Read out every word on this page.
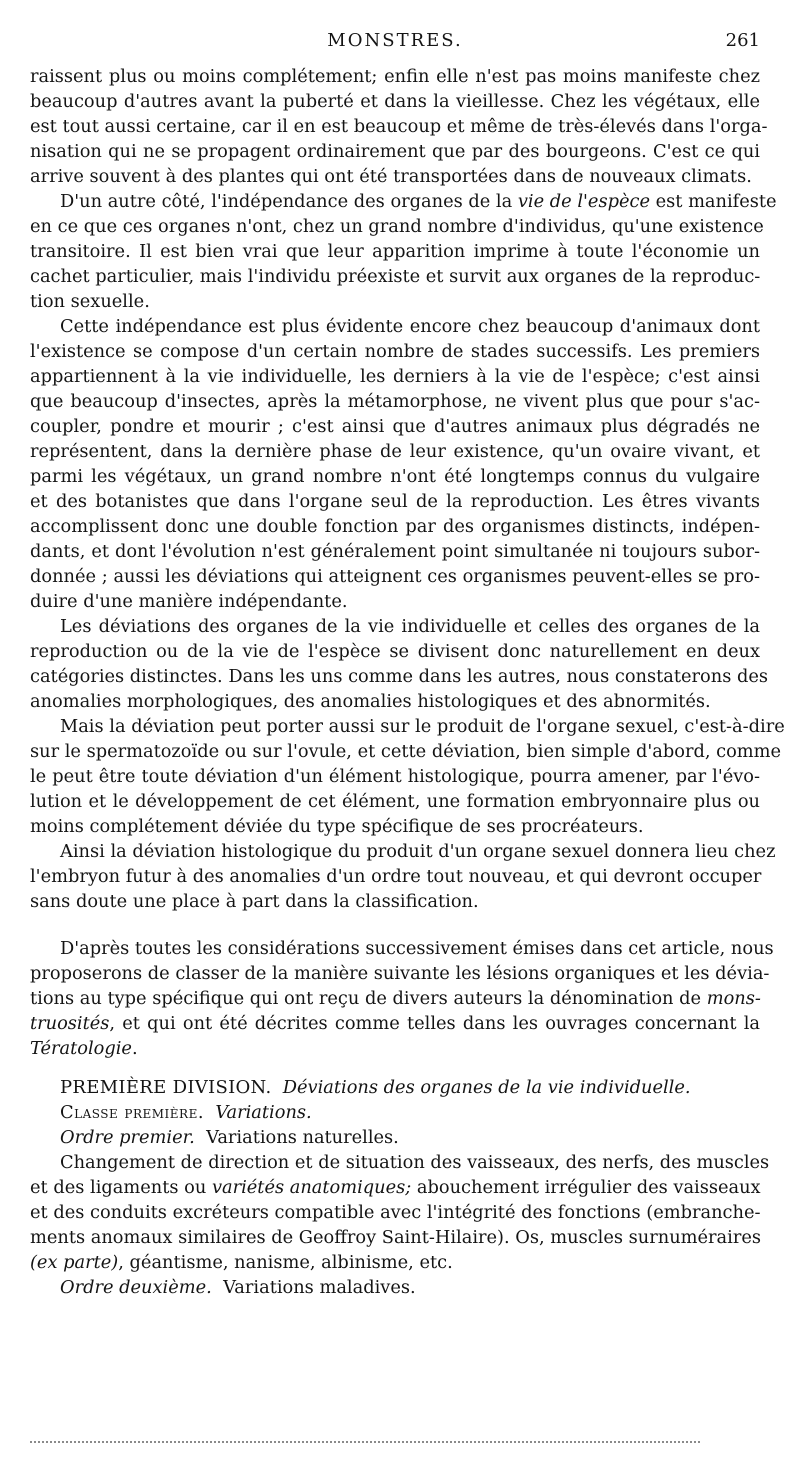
MONSTRES.	261
raissent plus ou moins complétement; enfin elle n'est pas moins manifeste chez
beaucoup d'autres avant la puberté et dans la vieillesse. Chez les végétaux, elle
est tout aussi certaine, car il en est beaucoup et même de très-élevés dans l'orga-
nisation qui ne se propagent ordinairement que par des bourgeons. C'est ce qui
arrive souvent à des plantes qui ont été transportées dans de nouveaux climats.
D'un autre côté, l'indépendance des organes de la vie de l'espèce est manifeste
en ce que ces organes n'ont, chez un grand nombre d'individus, qu'une existence
transitoire. Il est bien vrai que leur apparition imprime à toute l'économie un
cachet particulier, mais l'individu préexiste et survit aux organes de la reproduc-
tion sexuelle.
Cette indépendance est plus évidente encore chez beaucoup d'animaux dont
l'existence se compose d'un certain nombre de stades successifs. Les premiers
appartiennent à la vie individuelle, les derniers à la vie de l'espèce; c'est ainsi
que beaucoup d'insectes, après la métamorphose, ne vivent plus que pour s'ac-
coupler, pondre et mourir ; c'est ainsi que d'autres animaux plus dégradés ne
représentent, dans la dernière phase de leur existence, qu'un ovaire vivant, et
parmi les végétaux, un grand nombre n'ont été longtemps connus du vulgaire
et des botanistes que dans l'organe seul de la reproduction. Les êtres vivants
accomplissent donc une double fonction par des organismes distincts, indépen-
dants, et dont l'évolution n'est généralement point simultanée ni toujours subor-
donnée ; aussi les déviations qui atteignent ces organismes peuvent-elles se pro-
duire d'une manière indépendante.
Les déviations des organes de la vie individuelle et celles des organes de la
reproduction ou de la vie de l'espèce se divisent donc naturellement en deux
catégories distinctes. Dans les uns comme dans les autres, nous constaterons des
anomalies morphologiques, des anomalies histologiques et des abnormités.
Mais la déviation peut porter aussi sur le produit de l'organe sexuel, c'est-à-dire
sur le spermatozoïde ou sur l'ovule, et cette déviation, bien simple d'abord, comme
le peut être toute déviation d'un élément histologique, pourra amener, par l'évo-
lution et le développement de cet élément, une formation embryonnaire plus ou
moins complétement déviée du type spécifique de ses procréateurs.
Ainsi la déviation histologique du produit d'un organe sexuel donnera lieu chez
l'embryon futur à des anomalies d'un ordre tout nouveau, et qui devront occuper
sans doute une place à part dans la classification.
D'après toutes les considérations successivement émises dans cet article, nous
proposerons de classer de la manière suivante les lésions organiques et les dévia-
tions au type spécifique qui ont reçu de divers auteurs la dénomination de mons-
truosités, et qui ont été décrites comme telles dans les ouvrages concernant la
Tératologie.
PREMIÈRE DIVISION. Déviations des organes de la vie individuelle.
Classe première. Variations.
Ordre premier. Variations naturelles.
Changement de direction et de situation des vaisseaux, des nerfs, des muscles
et des ligaments ou variétés anatomiques; abouchement irrégulier des vaisseaux
et des conduits excréteurs compatible avec l'intégrité des fonctions (embranche-
ments anomaux similaires de Geoffroy Saint-Hilaire). Os, muscles surnuméraires
(ex parte), géantisme, nanisme, albinisme, etc.
Ordre deuxième. Variations maladives.
